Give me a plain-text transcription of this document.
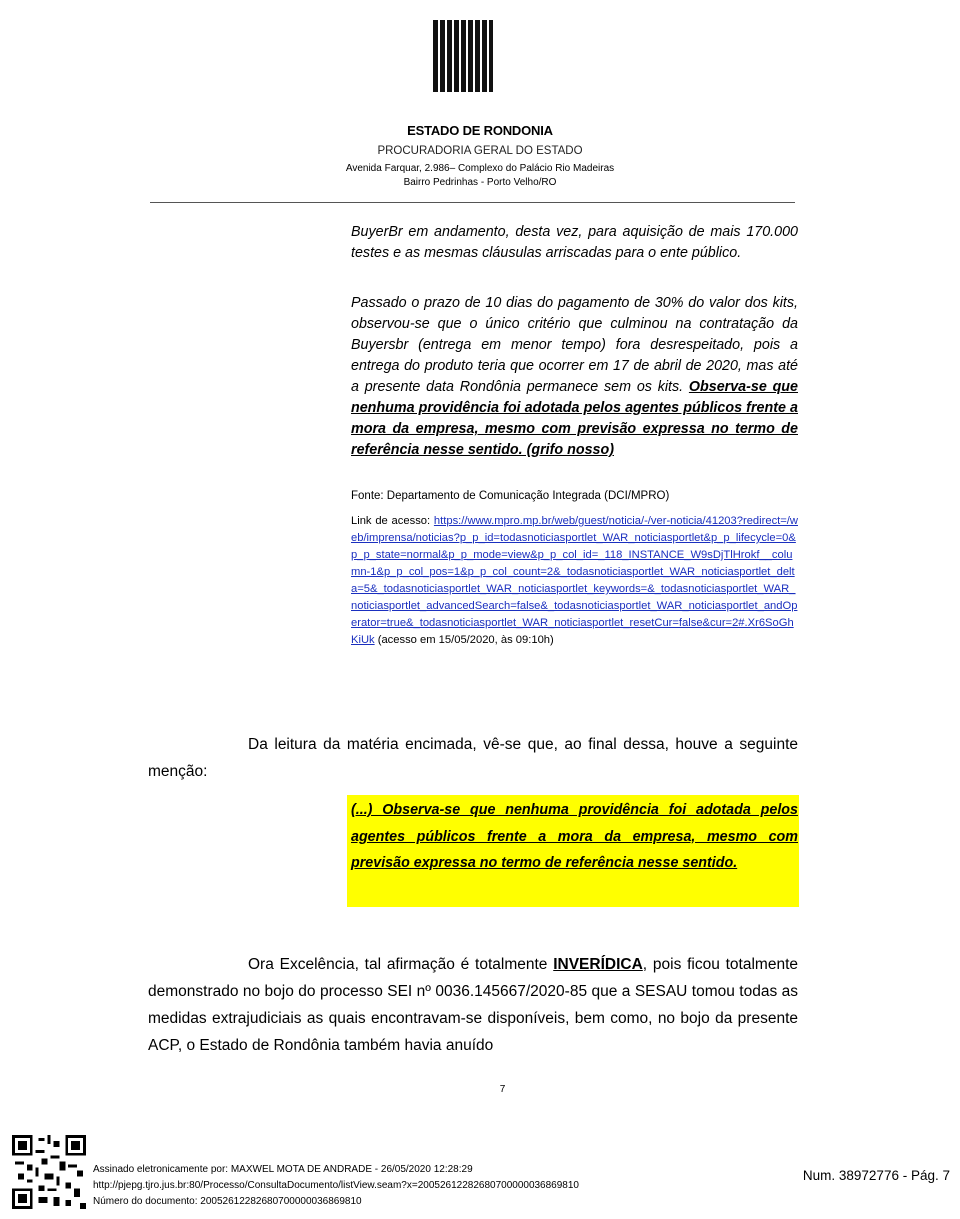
ESTADO DE RONDONIA
PROCURADORIA GERAL DO ESTADO
Avenida Farquar, 2.986– Complexo do Palácio Rio Madeiras
Bairro Pedrinhas - Porto Velho/RO
BuyerBr em andamento, desta vez, para aquisição de mais 170.000 testes e as mesmas cláusulas arriscadas para o ente público.
Passado o prazo de 10 dias do pagamento de 30% do valor dos kits, observou-se que o único critério que culminou na contratação da Buyersbr (entrega em menor tempo) fora desrespeitado, pois a entrega do produto teria que ocorrer em 17 de abril de 2020, mas até a presente data Rondônia permanece sem os kits. Observa-se que nenhuma providência foi adotada pelos agentes públicos frente a mora da empresa, mesmo com previsão expressa no termo de referência nesse sentido. (grifo nosso)
Fonte: Departamento de Comunicação Integrada (DCI/MPRO)
Link de acesso: https://www.mpro.mp.br/web/guest/noticia/-/ver-noticia/41203?redirect=/web/imprensa/noticias?p_p_id=todasnoticiasportlet_WAR_noticiasportlet&p_p_lifecycle=0&p_p_state=normal&p_p_mode=view&p_p_col_id=_118_INSTANCE_W9sDjTlHrokf__column-1&p_p_col_pos=1&p_p_col_count=2&_todasnoticiasportlet_WAR_noticiasportlet_delta=5&_todasnoticiasportlet_WAR_noticiasportlet_keywords=&_todasnoticiasportlet_WAR_noticiasportlet_advancedSearch=false&_todasnoticiasportlet_WAR_noticiasportlet_andOperator=true&_todasnoticiasportlet_WAR_noticiasportlet_resetCur=false&cur=2#.Xr6SoGhKiUk (acesso em 15/05/2020, às 09:10h)
Da leitura da matéria encimada, vê-se que, ao final dessa, houve a seguinte menção:
(...) Observa-se que nenhuma providência foi adotada pelos agentes públicos frente a mora da empresa, mesmo com previsão expressa no termo de referência nesse sentido.
Ora Excelência, tal afirmação é totalmente INVERÍDICA, pois ficou totalmente demonstrado no bojo do processo SEI nº 0036.145667/2020-85 que a SESAU tomou todas as medidas extrajudiciais as quais encontravam-se disponíveis, bem como, no bojo da presente ACP, o Estado de Rondônia também havia anuído
7
Assinado eletronicamente por: MAXWEL MOTA DE ANDRADE - 26/05/2020 12:28:29
http://pjepg.tjro.jus.br:80/Processo/ConsultaDocumento/listView.seam?x=20052612282680700000036869810
Número do documento: 20052612282680700000036869810
Num. 38972776 - Pág. 7
